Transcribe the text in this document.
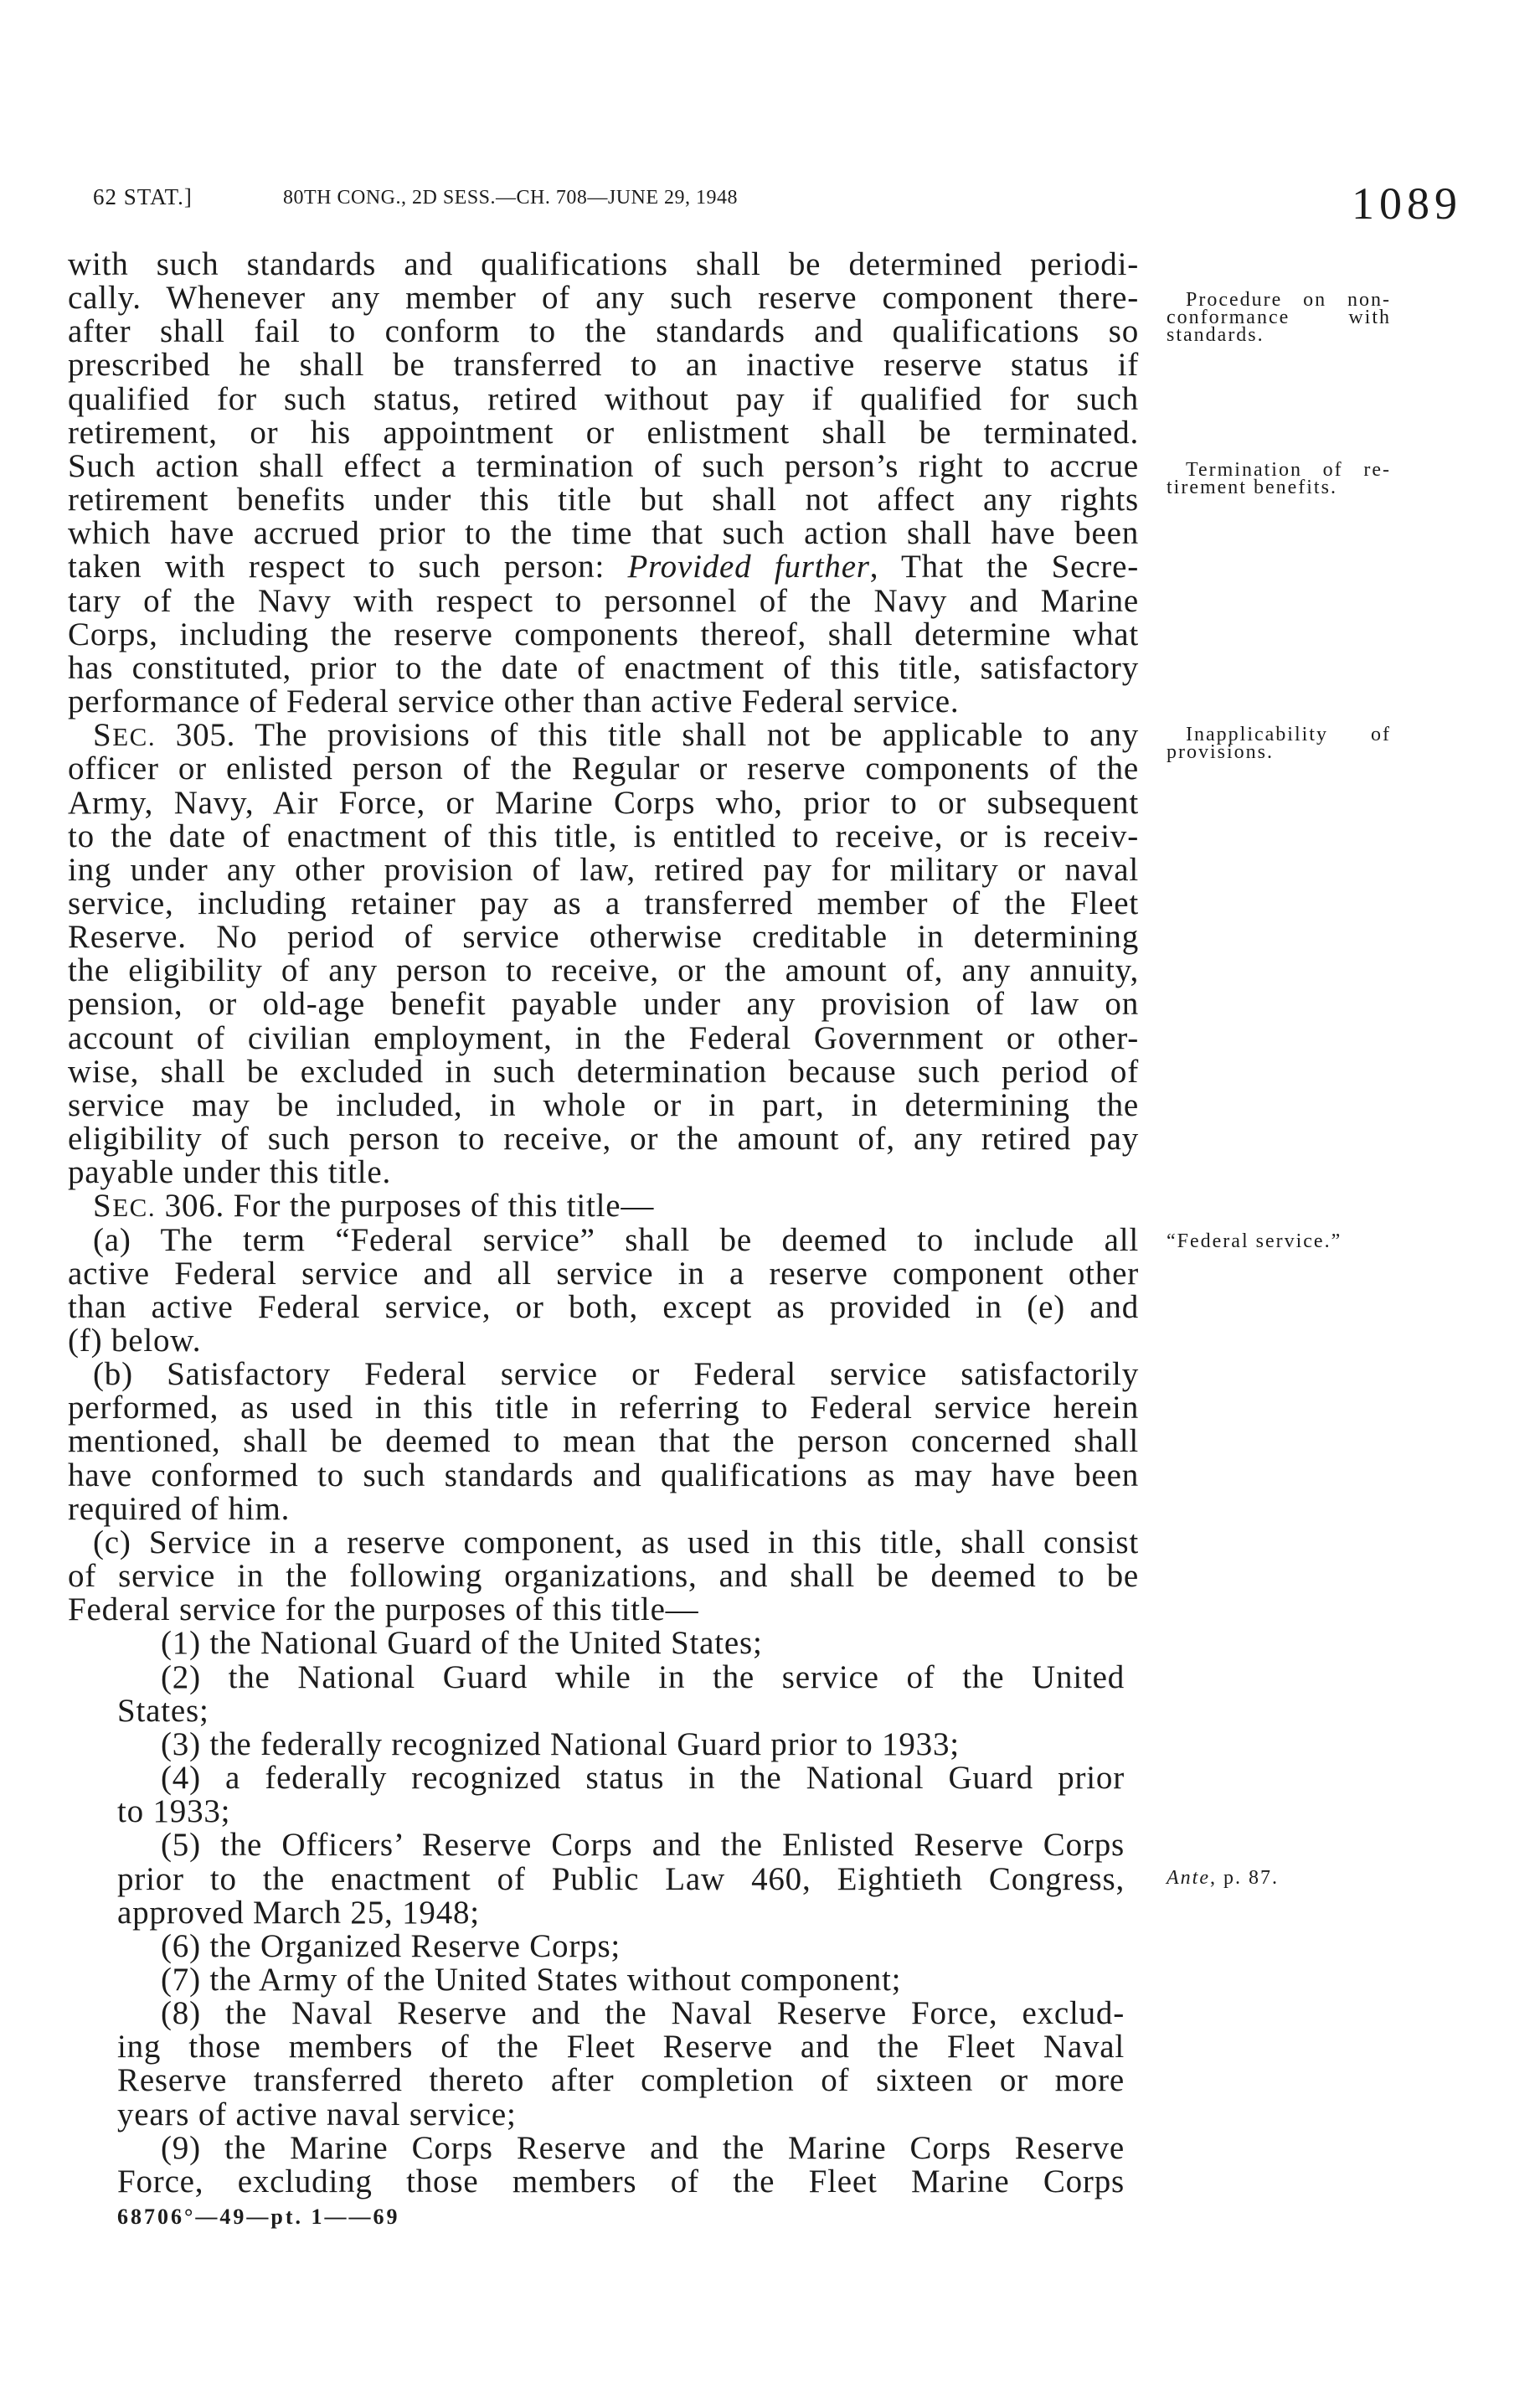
62 STAT.]	80TH CONG., 2D SESS.—CH. 708—JUNE 29, 1948	1089
with such standards and qualifications shall be determined periodi-
cally. Whenever any member of any such reserve component there-
after shall fail to conform to the standards and qualifications so
prescribed he shall be transferred to an inactive reserve status if
qualified for such status, retired without pay if qualified for such
retirement, or his appointment or enlistment shall be terminated.
Such action shall effect a termination of such person’s right to accrue
retirement benefits under this title but shall not affect any rights
which have accrued prior to the time that such action shall have been
taken with respect to such person: Provided further, That the Secre-
tary of the Navy with respect to personnel of the Navy and Marine
Corps, including the reserve components thereof, shall determine what
has constituted, prior to the date of enactment of this title, satisfactory
performance of Federal service other than active Federal service.
SEC. 305. The provisions of this title shall not be applicable to any
officer or enlisted person of the Regular or reserve components of the
Army, Navy, Air Force, or Marine Corps who, prior to or subsequent
to the date of enactment of this title, is entitled to receive, or is receiv-
ing under any other provision of law, retired pay for military or naval
service, including retainer pay as a transferred member of the Fleet
Reserve. No period of service otherwise creditable in determining
the eligibility of any person to receive, or the amount of, any annuity,
pension, or old-age benefit payable under any provision of law on
account of civilian employment, in the Federal Government or other-
wise, shall be excluded in such determination because such period of
service may be included, in whole or in part, in determining the
eligibility of such person to receive, or the amount of, any retired pay
payable under this title.
SEC. 306. For the purposes of this title—
(a) The term “Federal service” shall be deemed to include all
active Federal service and all service in a reserve component other
than active Federal service, or both, except as provided in (e) and
(f) below.
(b) Satisfactory Federal service or Federal service satisfactorily
performed, as used in this title in referring to Federal service herein
mentioned, shall be deemed to mean that the person concerned shall
have conformed to such standards and qualifications as may have been
required of him.
(c) Service in a reserve component, as used in this title, shall consist
of service in the following organizations, and shall be deemed to be
Federal service for the purposes of this title—
(1) the National Guard of the United States;
(2) the National Guard while in the service of the United
States;
(3) the federally recognized National Guard prior to 1933;
(4) a federally recognized status in the National Guard prior
to 1933;
(5) the Officers’ Reserve Corps and the Enlisted Reserve Corps
prior to the enactment of Public Law 460, Eightieth Congress,
approved March 25, 1948;
(6) the Organized Reserve Corps;
(7) the Army of the United States without component;
(8) the Naval Reserve and the Naval Reserve Force, exclud-
ing those members of the Fleet Reserve and the Fleet Naval
Reserve transferred thereto after completion of sixteen or more
years of active naval service;
(9) the Marine Corps Reserve and the Marine Corps Reserve
Force, excluding those members of the Fleet Marine Corps
Procedure on non-
conformance with
standards.
Termination of re-
tirement benefits.
Inapplicability of
provisions.
“Federal service.”
Ante, p. 87.
68706°—49—pt. 1——69
